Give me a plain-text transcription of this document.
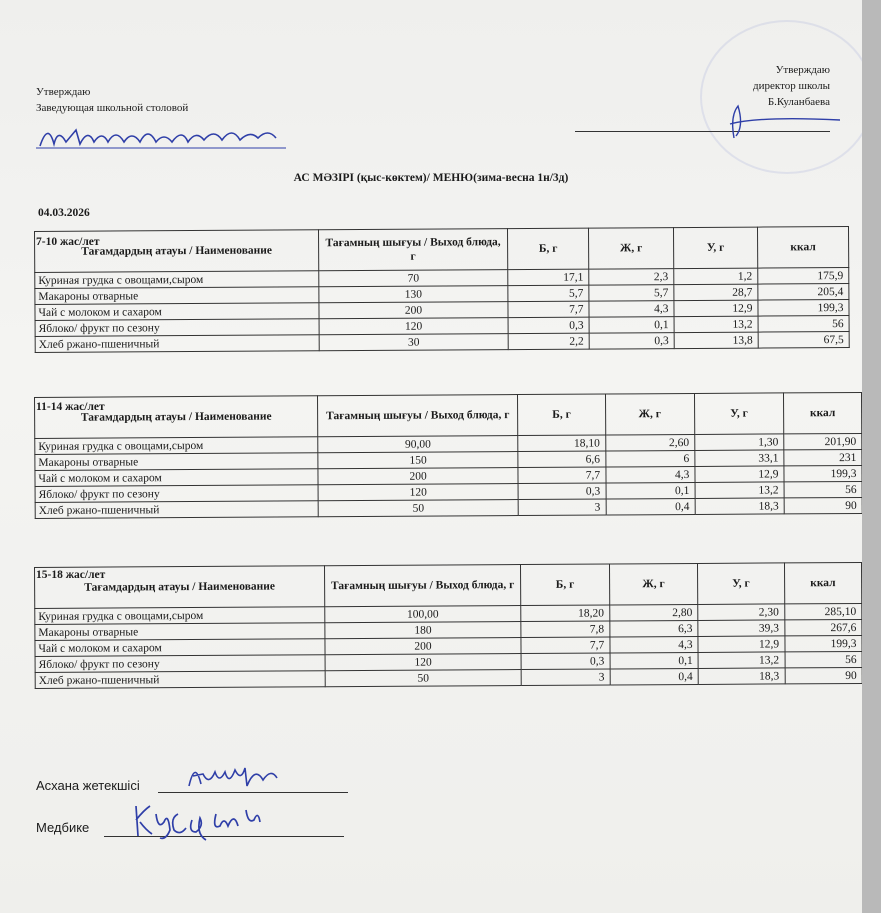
Утверждаю
Заведующая школьной столовой
Утверждаю
директор школы
Б.Куланбаева
АС МӘЗІРІ (қыс-көктем)/ МЕНЮ(зима-весна 1н/3д)
04.03.2026
7-10 жас/лет
Тағамдардың атауы / Наименование	Тағамның шығуы / Выход блюда, г	Б, г	Ж, г	У, г	ккал
Куриная грудка с овощами,сыром	70	17,1	2,3	1,2	175,9
Макароны отварные	130	5,7	5,7	28,7	205,4
Чай с молоком и сахаром	200	7,7	4,3	12,9	199,3
Яблоко/ фрукт по сезону	120	0,3	0,1	13,2	56
Хлеб ржано-пшеничный	30	2,2	0,3	13,8	67,5
11-14 жас/лет
Тағамдардың атауы / Наименование	Тағамның шығуы / Выход блюда, г	Б, г	Ж, г	У, г	ккал
Куриная грудка с овощами,сыром	90,00	18,10	2,60	1,30	201,90
Макароны отварные	150	6,6	6	33,1	231
Чай с молоком и сахаром	200	7,7	4,3	12,9	199,3
Яблоко/ фрукт по сезону	120	0,3	0,1	13,2	56
Хлеб ржано-пшеничный	50	3	0,4	18,3	90
15-18 жас/лет
Тағамдардың атауы / Наименование	Тағамның шығуы / Выход блюда, г	Б, г	Ж, г	У, г	ккал
Куриная грудка с овощами,сыром	100,00	18,20	2,80	2,30	285,10
Макароны отварные	180	7,8	6,3	39,3	267,6
Чай с молоком и сахаром	200	7,7	4,3	12,9	199,3
Яблоко/ фрукт по сезону	120	0,3	0,1	13,2	56
Хлеб ржано-пшеничный	50	3	0,4	18,3	90
Асхана жетекшісі
Медбике
